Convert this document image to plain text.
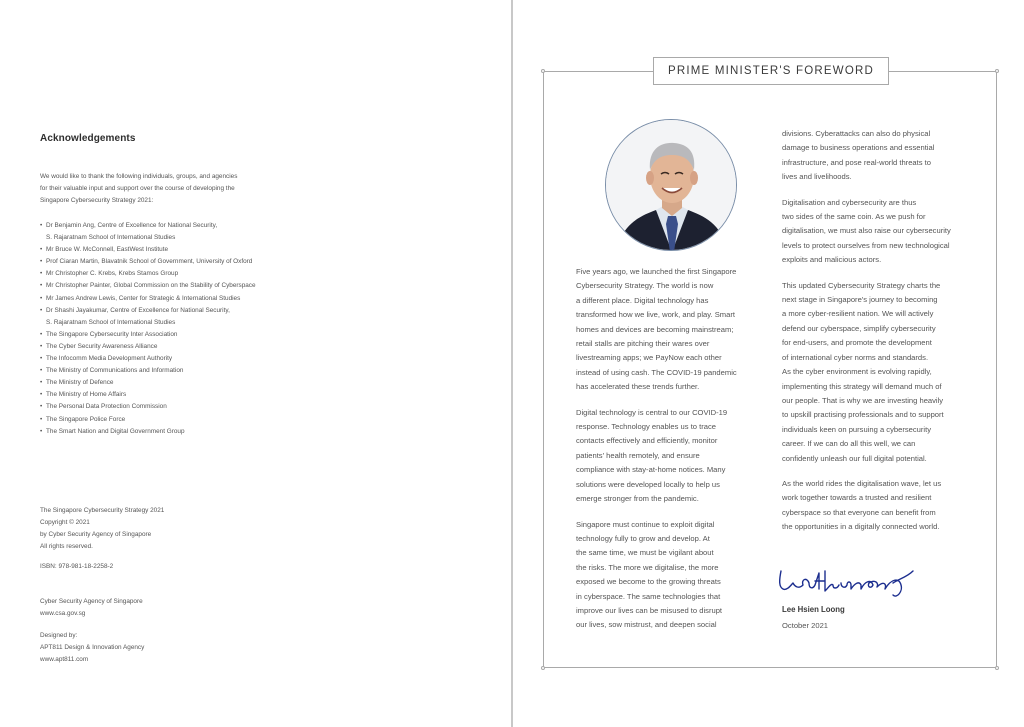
Acknowledgements

We would like to thank the following individuals, groups, and agencies
for their valuable input and support over the course of developing the
Singapore Cybersecurity Strategy 2021:

• Dr Benjamin Ang, Centre of Excellence for National Security,
S. Rajaratnam School of International Studies
• Mr Bruce W. McConnell, EastWest Institute
• Prof Ciaran Martin, Blavatnik School of Government, University of Oxford
• Mr Christopher C. Krebs, Krebs Stamos Group
• Mr Christopher Painter, Global Commission on the Stability of Cyberspace
• Mr James Andrew Lewis, Center for Strategic & International Studies
• Dr Shashi Jayakumar, Centre of Excellence for National Security,
S. Rajaratnam School of International Studies
• The Singapore Cybersecurity Inter Association
• The Cyber Security Awareness Alliance
• The Infocomm Media Development Authority
• The Ministry of Communications and Information
• The Ministry of Defence
• The Ministry of Home Affairs
• The Personal Data Protection Commission
• The Singapore Police Force
• The Smart Nation and Digital Government Group

The Singapore Cybersecurity Strategy 2021
Copyright © 2021
by Cyber Security Agency of Singapore
All rights reserved.

ISBN: 978-981-18-2258-2

Cyber Security Agency of Singapore
www.csa.gov.sg

Designed by:
APT811 Design & Innovation Agency
www.apt811.com

PRIME MINISTER'S FOREWORD

Five years ago, we launched the first Singapore
Cybersecurity Strategy. The world is now
a different place. Digital technology has
transformed how we live, work, and play. Smart
homes and devices are becoming mainstream;
retail stalls are pitching their wares over
livestreaming apps; we PayNow each other
instead of using cash. The COVID-19 pandemic
has accelerated these trends further.

Digital technology is central to our COVID-19
response. Technology enables us to trace
contacts effectively and efficiently, monitor
patients' health remotely, and ensure
compliance with stay-at-home notices. Many
solutions were developed locally to help us
emerge stronger from the pandemic.

Singapore must continue to exploit digital
technology fully to grow and develop. At
the same time, we must be vigilant about
the risks. The more we digitalise, the more
exposed we become to the growing threats
in cyberspace. The same technologies that
improve our lives can be misused to disrupt
our lives, sow mistrust, and deepen social

divisions. Cyberattacks can also do physical
damage to business operations and essential
infrastructure, and pose real-world threats to
lives and livelihoods.

Digitalisation and cybersecurity are thus
two sides of the same coin. As we push for
digitalisation, we must also raise our cybersecurity
levels to protect ourselves from new technological
exploits and malicious actors.

This updated Cybersecurity Strategy charts the
next stage in Singapore's journey to becoming
a more cyber-resilient nation. We will actively
defend our cyberspace, simplify cybersecurity
for end-users, and promote the development
of international cyber norms and standards.
As the cyber environment is evolving rapidly,
implementing this strategy will demand much of
our people. That is why we are investing heavily
to upskill practising professionals and to support
individuals keen on pursuing a cybersecurity
career. If we can do all this well, we can
confidently unleash our full digital potential.

As the world rides the digitalisation wave, let us
work together towards a trusted and resilient
cyberspace so that everyone can benefit from
the opportunities in a digitally connected world.

Lee Hsien Loong

October 2021
